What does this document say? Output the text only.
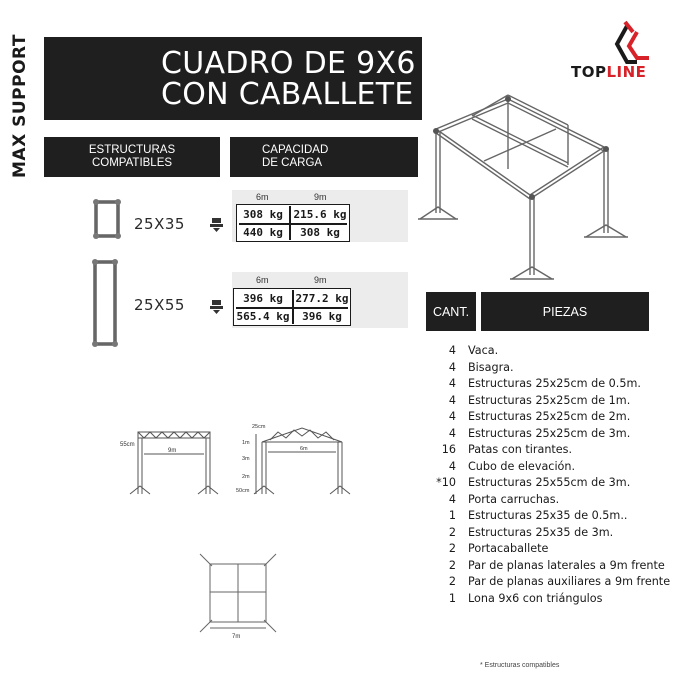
MAX SUPPORT	CUADRO DE 9X6
CON CABALLETE
TOPLINE
ESTRUCTURAS
COMPATIBLES
CAPACIDAD
DE CARGA
25X35
6m	9m
308 kg 215.6 kg
440 kg	308 kg
25X55
6m	9m
396 kg	277.2 kg
565.4 kg	396 kg
55cm
9m
25cm
1m
3m
2m
50cm
6m
7m
CANT.	PIEZAS
4	Vaca.
4	Bisagra.
4	Estructuras 25x25cm de 0.5m.
4	Estructuras 25x25cm de 1m.
4	Estructuras 25x25cm de 2m.
4	Estructuras 25x25cm de 3m.
16	Patas con tirantes.
4	Cubo de elevación.
*10	Estructuras 25x55cm de 3m.
4	Porta carruchas.
1	Estructuras 25x35 de 0.5m..
2	Estructuras 25x35 de 3m.
2	Portacaballete
2	Par de planas laterales a 9m frente
2	Par de planas auxiliares a 9m frente
1	Lona 9x6 con triángulos
* Estructuras compatibles
